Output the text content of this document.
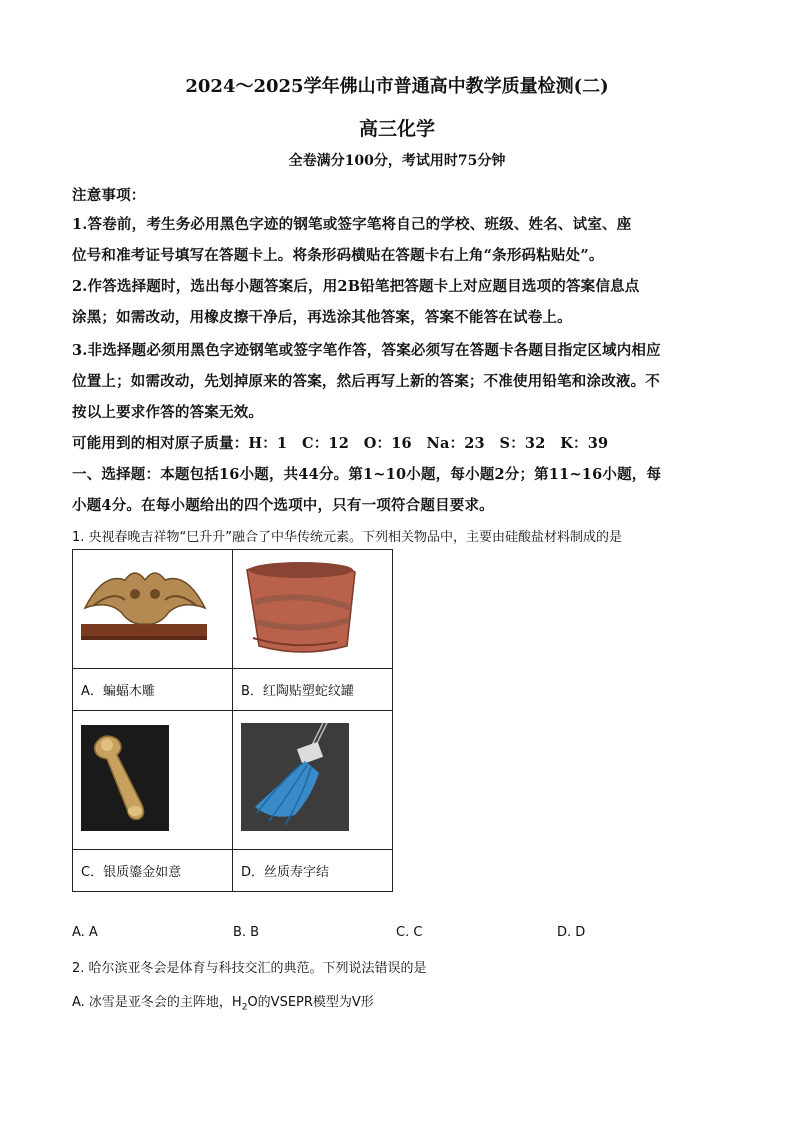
2024～2025学年佛山市普通高中教学质量检测(二)
高三化学
全卷满分100分，考试用时75分钟
注意事项：
1.答卷前，考生务必用黑色字迹的钢笔或签字笔将自己的学校、班级、姓名、试室、座
位号和准考证号填写在答题卡上。将条形码横贴在答题卡右上角“条形码粘贴处”。
2.作答选择题时，选出每小题答案后，用2B铅笔把答题卡上对应题目选项的答案信息点
涂黑；如需改动，用橡皮擦干净后，再选涂其他答案，答案不能答在试卷上。
3.非选择题必须用黑色字迹钢笔或签字笔作答，答案必须写在答题卡各题目指定区域内相应
位置上；如需改动，先划掉原来的答案，然后再写上新的答案；不准使用铅笔和涂改液。不
按以上要求作答的答案无效。
可能用到的相对原子质量：H：1　C：12　O：16　Na：23　S：32　K：39
一、选择题：本题包括16小题，共44分。第1~10小题，每小题2分；第11~16小题，每
小题4分。在每小题给出的四个选项中，只有一项符合题目要求。
1. 央视春晚吉祥物“巳升升”融合了中华传统元素。下列相关物品中，主要由硅酸盐材料制成的是

A．蝙蝠木雕	B．红陶贴塑蛇纹罐

C．银质鎏金如意	D．丝质寿字结
A. A	B. B	C. C	D. D
2. 哈尔滨亚冬会是体育与科技交汇的典范。下列说法错误的是
A. 冰雪是亚冬会的主阵地，$H_2O$的VSEPR模型为V形
